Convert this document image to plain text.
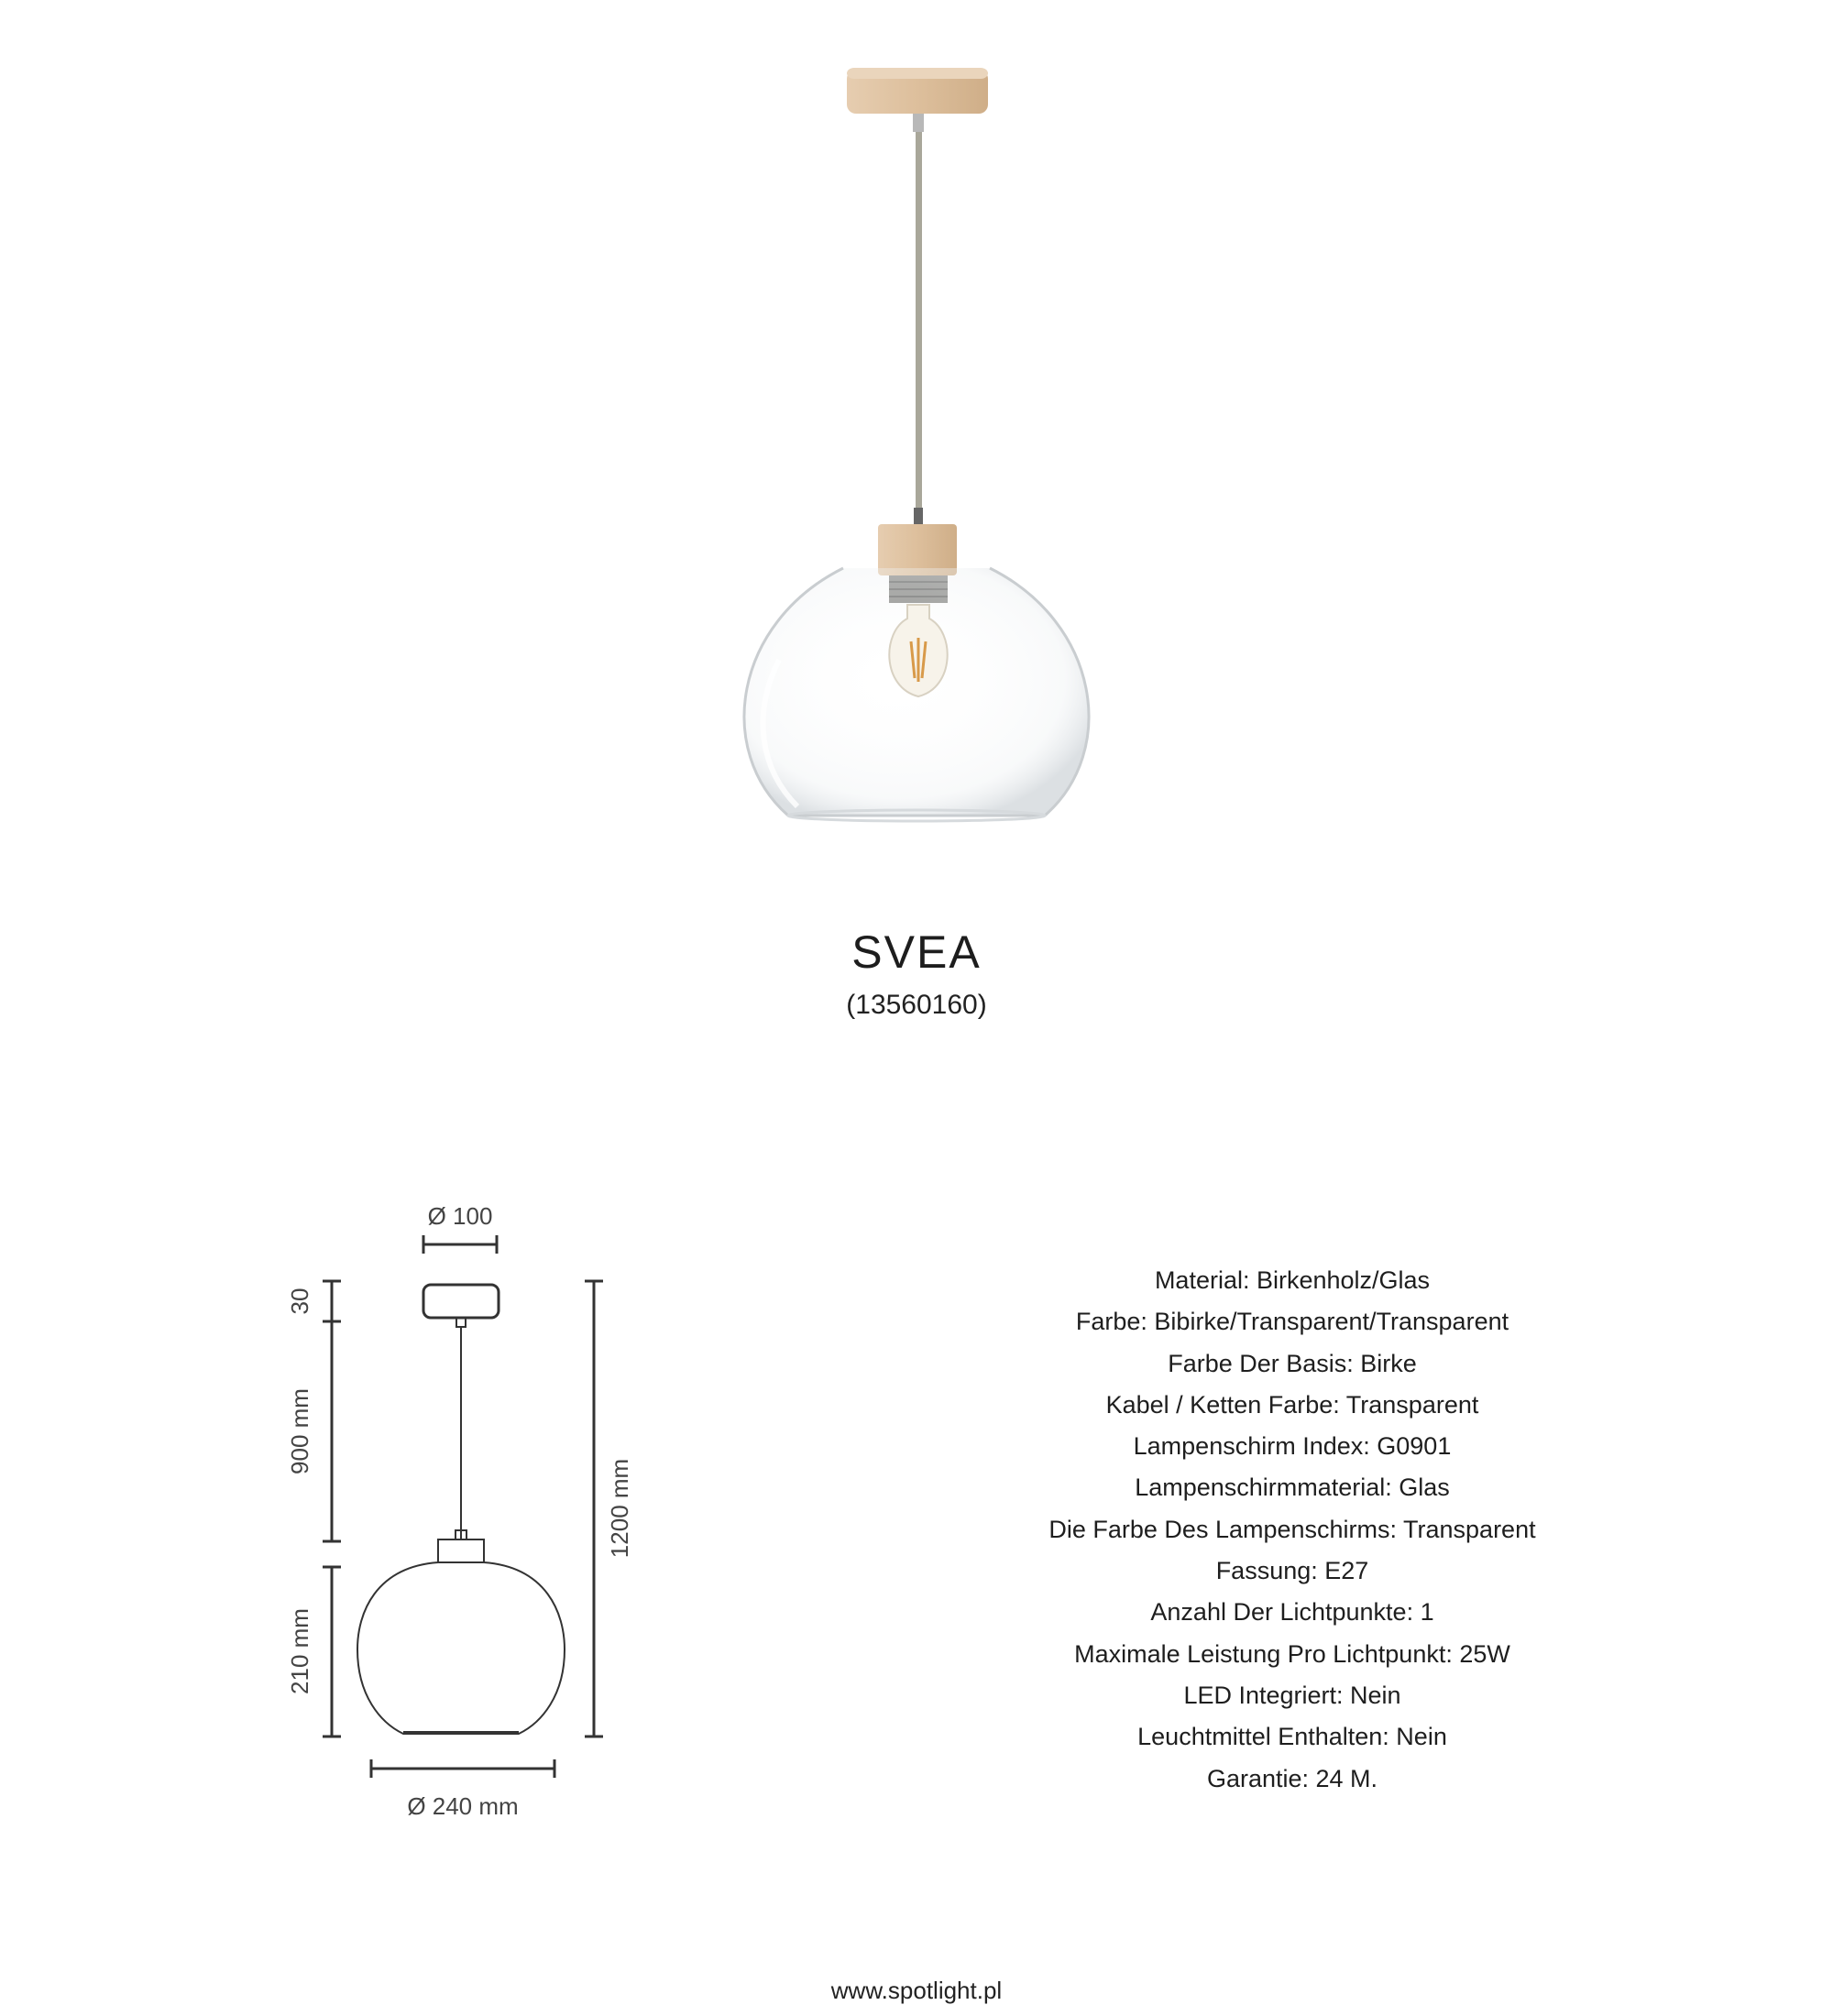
SVEA
(13560160)
Ø 100
30
900 mm
210 mm
1200 mm
Ø 240 mm
Material: Birkenholz/Glas
Farbe: Bibirke/Transparent/Transparent
Farbe Der Basis: Birke
Kabel / Ketten Farbe: Transparent
Lampenschirm Index: G0901
Lampenschirmmaterial: Glas
Die Farbe Des Lampenschirms: Transparent
Fassung: E27
Anzahl Der Lichtpunkte: 1
Maximale Leistung Pro Lichtpunkt: 25W
LED Integriert: Nein
Leuchtmittel Enthalten: Nein
Garantie: 24 M.
www.spotlight.pl
